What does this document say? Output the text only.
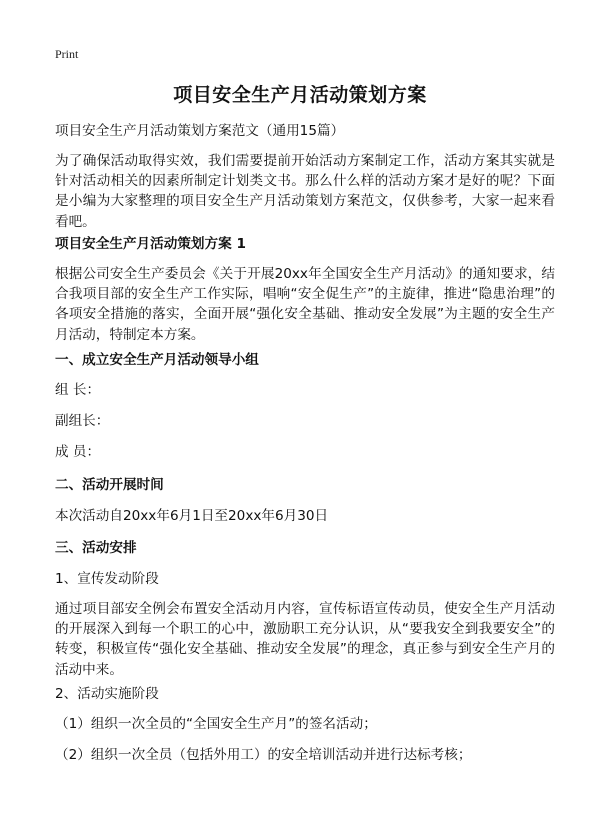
Print
项目安全生产月活动策划方案
项目安全生产月活动策划方案范文（通用15篇）
为了确保活动取得实效，我们需要提前开始活动方案制定工作，活动方案其实就是针对活动相关的因素所制定计划类文书。那么什么样的活动方案才是好的呢？下面是小编为大家整理的项目安全生产月活动策划方案范文，仅供参考，大家一起来看看吧。
项目安全生产月活动策划方案 1
根据公司安全生产委员会《关于开展20xx年全国安全生产月活动》的通知要求，结合我项目部的安全生产工作实际，唱响“安全促生产”的主旋律，推进“隐患治理”的各项安全措施的落实，全面开展“强化安全基础、推动安全发展”为主题的安全生产月活动，特制定本方案。
一、成立安全生产月活动领导小组
组 长：
副组长：
成 员：
二、活动开展时间
本次活动自20xx年6月1日至20xx年6月30日
三、活动安排
1、宣传发动阶段
通过项目部安全例会布置安全活动月内容，宣传标语宣传动员，使安全生产月活动的开展深入到每一个职工的心中，激励职工充分认识，从“要我安全到我要安全”的转变，积极宣传“强化安全基础、推动安全发展”的理念，真正参与到安全生产月的活动中来。
2、活动实施阶段
（1）组织一次全员的“全国安全生产月”的签名活动；
（2）组织一次全员（包括外用工）的安全培训活动并进行达标考核；
